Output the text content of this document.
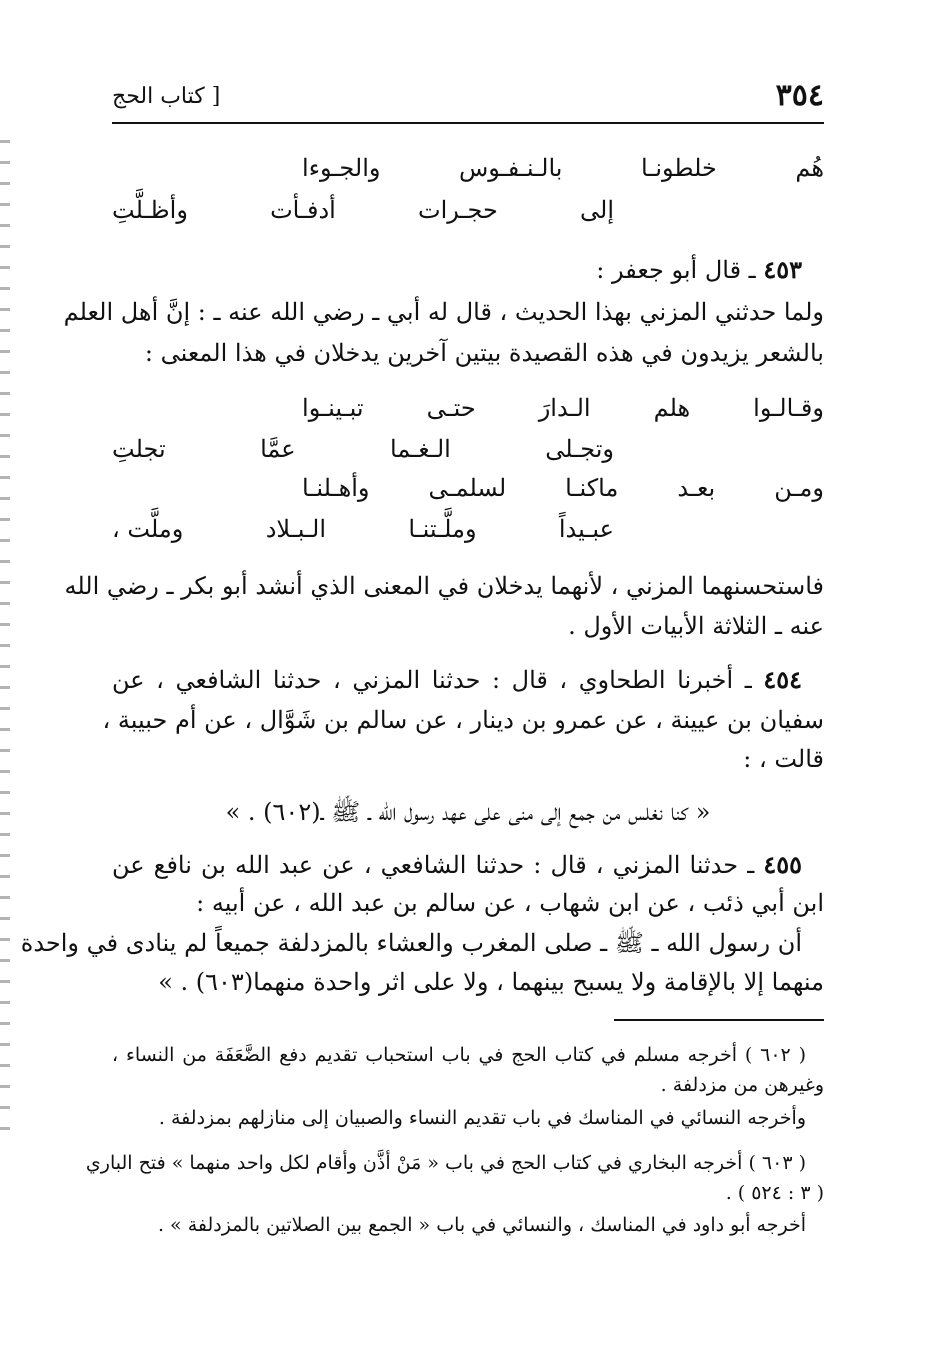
٣٥٤
[ كتاب الحج
هُم
خلطونـا
بالـنـفـوس
والجـوءا
إلى
حجـرات
أدفـأت
وأظـلَّتِ
٤٥٣ ـ قال أبو جعفر :
ولما حدثني المزني بهذا الحديث ، قال له أبي ـ رضي الله عنه ـ : إنَّ أهل العلم
بالشعر يزيدون في هذه القصيدة بيتين آخرين يدخلان في هذا المعنى :
وقـالـوا
هلم
الـدارَ
حتـى
تبـينـوا
وتجـلى
الـغـما
عمَّا
تجلتِ
ومـن
بعـد
ماكنـا
لسلمـى
وأهـلنـا
عبـيداً
وملَّـتنـا
الـبـلاد
وملَّت ،
فاستحسنهما المزني ، لأنهما يدخلان في المعنى الذي أنشد أبو بكر ـ رضي الله
عنه ـ الثلاثة الأبيات الأول .
٤٥٤ ـ أخبرنا الطحاوي ، قال : حدثنا المزني ، حدثنا الشافعي ، عن
سفيان بن عيينة ، عن عمرو بن دينار ، عن سالم بن شَوَّال ، عن أم حبيبة ،
قالت ، :
« كنا نغلس من جمع إلى منى على عهد رسول الله ـ ﷺ ـ(٦٠٢) . »
٤٥٥ ـ حدثنا المزني ، قال : حدثنا الشافعي ، عن عبد الله بن نافع عن
ابن أبي ذئب ، عن ابن شهاب ، عن سالم بن عبد الله ، عن أبيه :
أن رسول الله ـ ﷺ ـ صلى المغرب والعشاء بالمزدلفة جميعاً لم ينادى في واحدة
منهما إلا بالإقامة ولا يسبح بينهما ، ولا على اثر واحدة منهما(٦٠٣) . »
( ٦٠٢ ) أخرجه مسلم في كتاب الحج في باب استحباب تقديم دفع الضَّعَفَة من النساء ،
وغيرهن من مزدلفة .
وأخرجه النسائي في المناسك في باب تقديم النساء والصبيان إلى منازلهم بمزدلفة .
( ٦٠٣ ) أخرجه البخاري في كتاب الحج في باب « مَنْ أذَّن وأقام لكل واحد منهما » فتح الباري
( ٣ : ٥٢٤ ) .
أخرجه أبو داود في المناسك ، والنسائي في باب « الجمع بين الصلاتين بالمزدلفة » .
